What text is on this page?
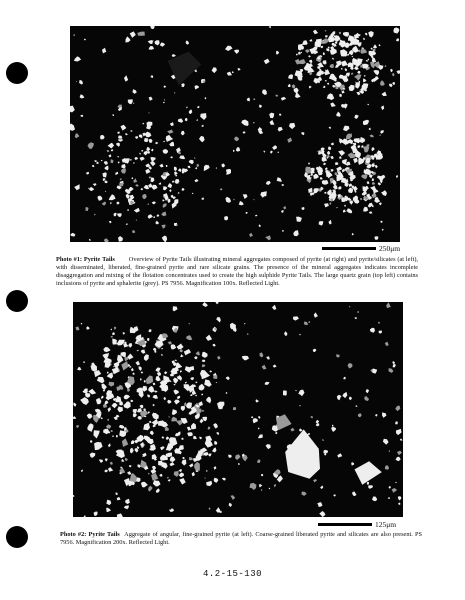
250μm
Photo #1: Pyrite Tails Overview of Pyrite Tails illustrating mineral aggregates composed of pyrite (at right) and pyrite/silicates (at left), with disseminated, liberated, fine-grained pyrite and rare silicate grains. The presence of the mineral aggregates indicates incomplete disaggregation and mixing of the flotation concentrates used to create the high sulphide Pyrite Tails. The large quartz grain (top left) contains inclusions of pyrite and sphalerite (grey). PS 7956. Magnification 100x. Reflected Light.
125μm
Photo #2: Pyrite Tails Aggregate of angular, fine-grained pyrite (at left). Coarse-grained liberated pyrite and silicates are also present. PS 7956. Magnification 200x. Reflected Light.
4.2-15-130
